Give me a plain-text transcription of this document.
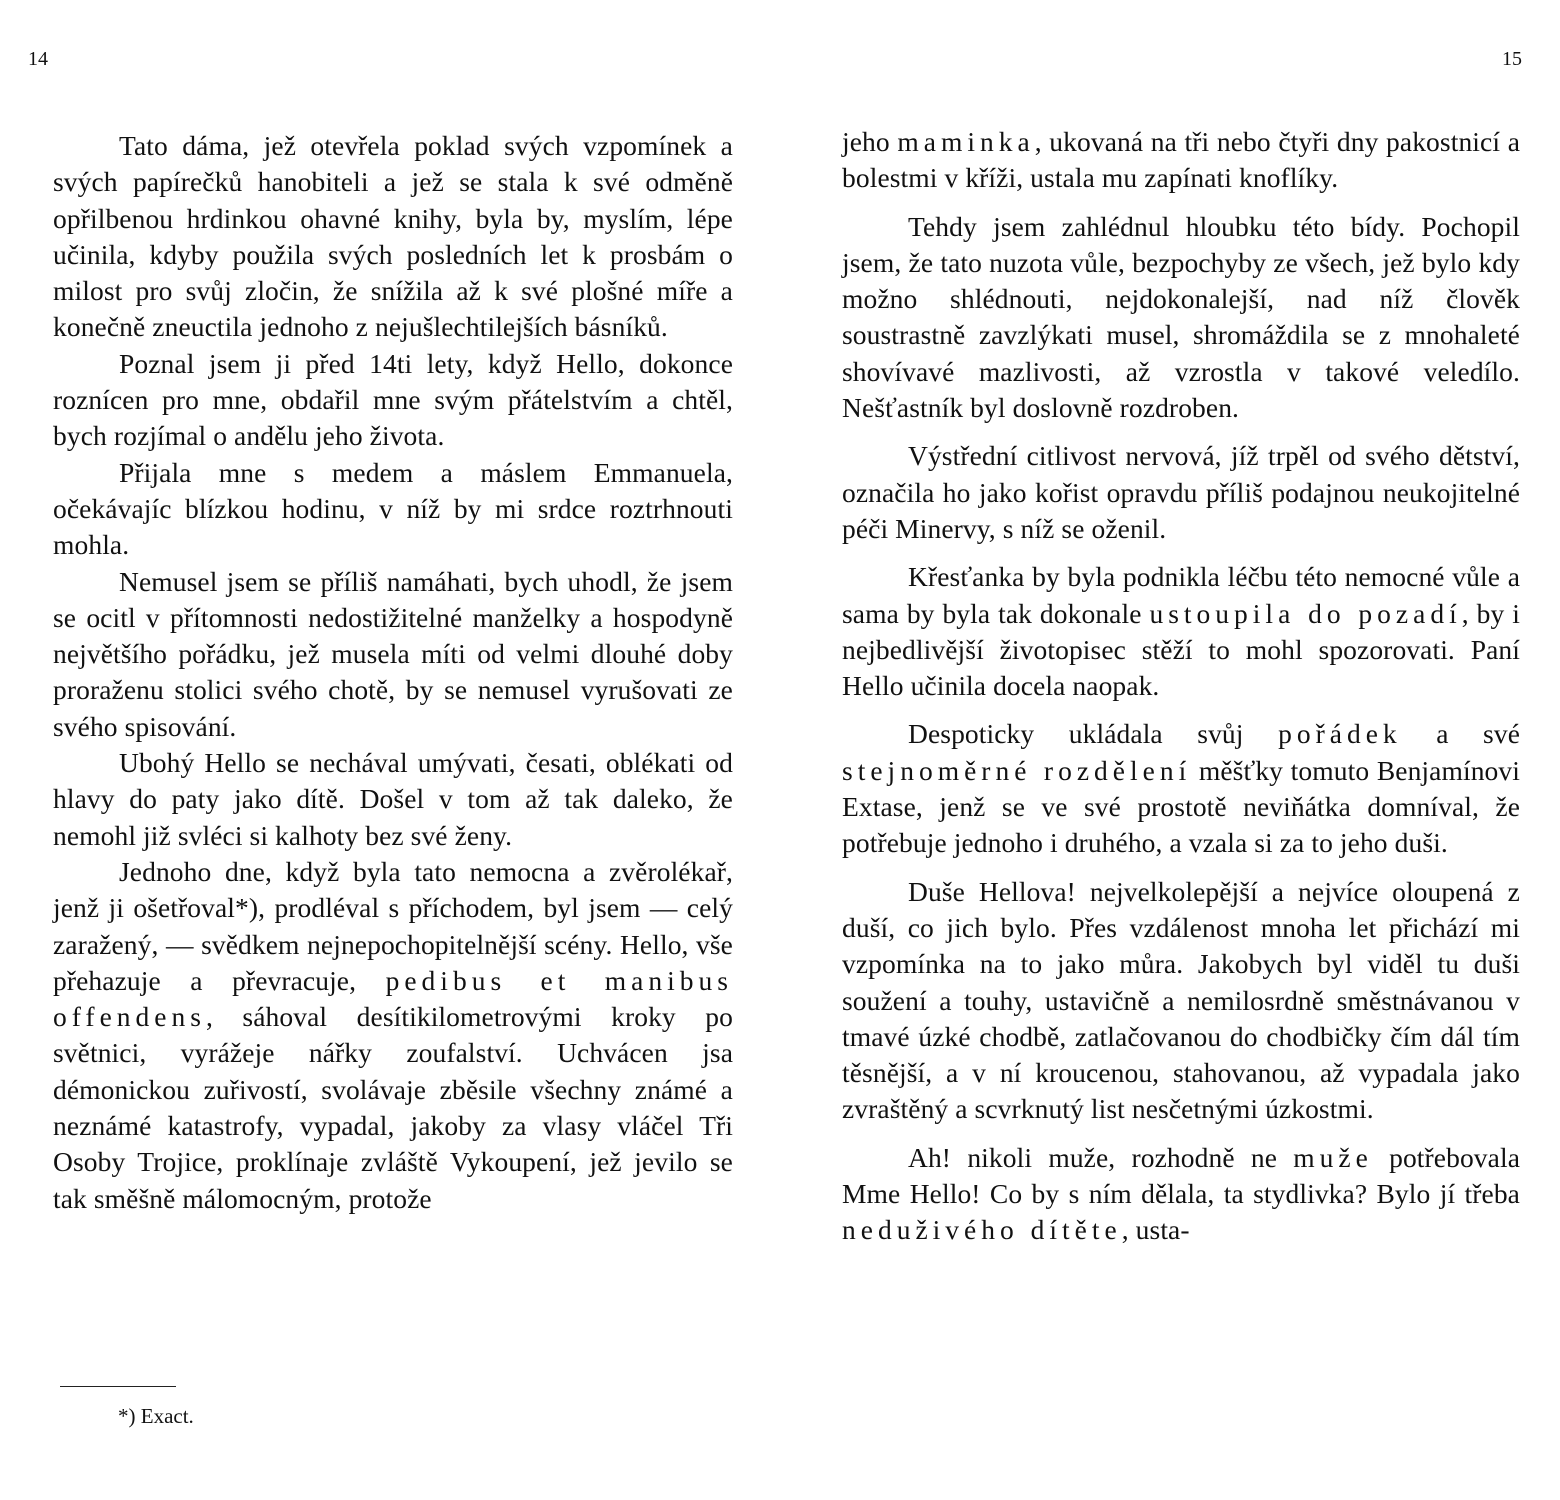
14

Tato dáma, jež otevřela poklad svých vzpomínek a svých papírečků hanobiteli a jež se stala k své odměně opřilbenou hrdinkou ohavné knihy, byla by, myslím, lépe učinila, kdyby použila svých posledních let k prosbám o milost pro svůj zločin, že snížila až k své plošné míře a konečně zneuctila jednoho z nejušlechtilejších básníků.

Poznal jsem ji před 14ti lety, když Hello, dokonce roznícen pro mne, obdařil mne svým přátelstvím a chtěl, bych rozjímal o andělu jeho života.

Přijala mne s medem a máslem Emmanuela, očekávajíc blízkou hodinu, v níž by mi srdce roztrhnouti mohla.

Nemusel jsem se příliš namáhati, bych uhodl, že jsem se ocitl v přítomnosti nedostižitelné manželky a hospodyně největšího pořádku, jež musela míti od velmi dlouhé doby proraženu stolici svého chotě, by se nemusel vyrušovati ze svého spisování.

Ubohý Hello se nechával umývati, česati, oblékati od hlavy do paty jako dítě. Došel v tom až tak daleko, že nemohl již svléci si kalhoty bez své ženy.

Jednoho dne, když byla tato nemocna a zvěrolékař, jenž ji ošetřoval*), prodléval s příchodem, byl jsem — celý zaražený, — svědkem nejnepochopitelnější scény. Hello, vše přehazuje a převracuje, pedibus et manibus offendens, sáhoval desítikilometrovými kroky po světnici, vyrážeje nářky zoufalství. Uchvácen jsa démonickou zuřivostí, svolávaje zběsile všechny známé a neznámé katastrofy, vypadal, jakoby za vlasy vláčel Tři Osoby Trojice, proklínaje zvláště Vykoupení, jež jevilo se tak směšně málomocným, protože

*) Exact.
15

jeho maminka, ukovaná na tři nebo čtyři dny pakostnicí a bolestmi v kříži, ustala mu zapínati knoflíky.

Tehdy jsem zahlédnul hloubku této bídy. Pochopil jsem, že tato nuzota vůle, bezpochyby ze všech, jež bylo kdy možno shlédnouti, nejdokonalejší, nad níž člověk soustrastně zavzlýkati musel, shromáždila se z mnohaleté shovívavé mazlivosti, až vzrostla v takové veledílo. Nešťastník byl doslovně rozdroben.

Výstřední citlivost nervová, jíž trpěl od svého dětství, označila ho jako kořist opravdu příliš podajnou neukojitelné péči Minervy, s níž se oženil.

Křesťanka by byla podnikla léčbu této nemocné vůle a sama by byla tak dokonale ustoupila do pozadí, by i nejbedlivější životopisec stěží to mohl spozorovati. Paní Hello učinila docela naopak.

Despoticky ukládala svůj pořádek a své stejnoměrné rozdělení měšťky tomuto Benjamínovi Extase, jenž se ve své prostotě neviňátka domníval, že potřebuje jednoho i druhého, a vzala si za to jeho duši.

Duše Hellova! nejvelkolepější a nejvíce oloupená z duší, co jich bylo. Přes vzdálenost mnoha let přichází mi vzpomínka na to jako můra. Jakobych byl viděl tu duši soužení a touhy, ustavičně a nemilosrdně směstnávanou v tmavé úzké chodbě, zatlačovanou do chodbičky čím dál tím těsnější, a v ní kroucenou, stahovanou, až vypadala jako zvraštěný a scvrknutý list nesčetnými úzkostmi.

Ah! nikoli muže, rozhodně ne muže potřebovala Mme Hello! Co by s ním dělala, ta stydlivka? Bylo jí třeba neduživého dítěte, usta-
